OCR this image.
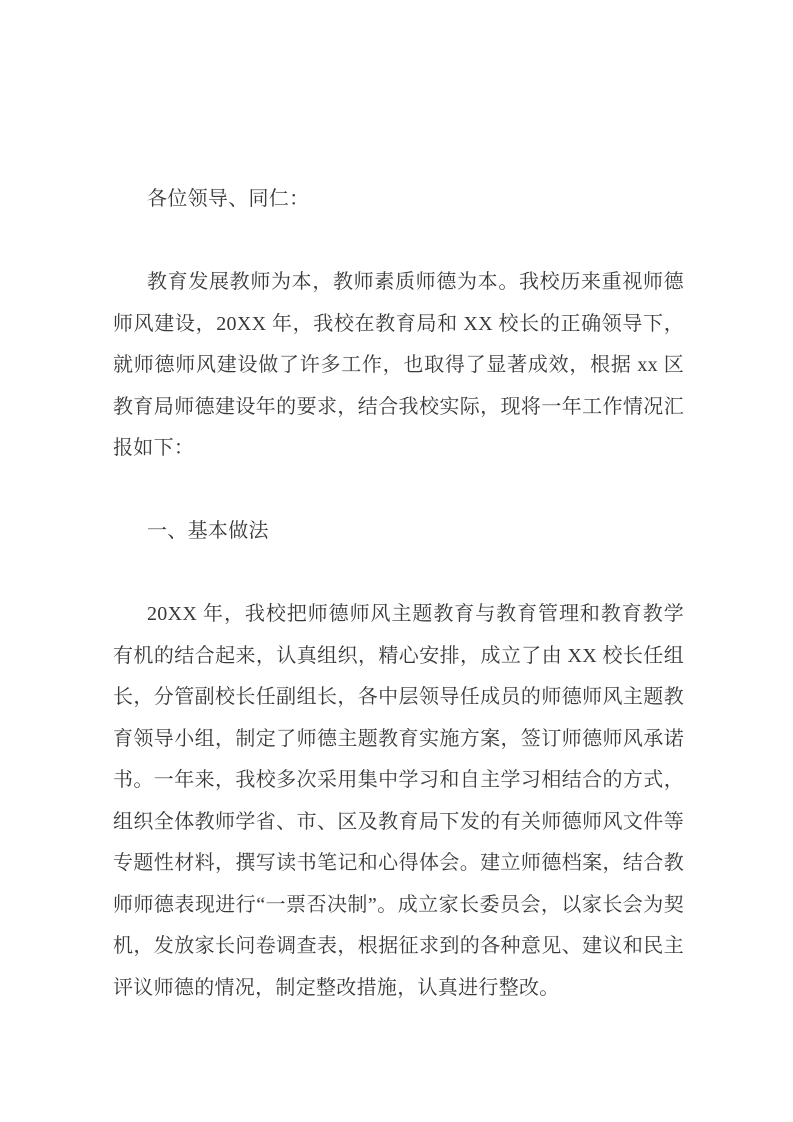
各位领导、同仁：

教育发展教师为本，教师素质师德为本。我校历来重视师德师风建设，20XX 年，我校在教育局和 XX 校长的正确领导下，就师德师风建设做了许多工作，也取得了显著成效，根据 xx 区教育局师德建设年的要求，结合我校实际，现将一年工作情况汇报如下：

一、基本做法

20XX 年，我校把师德师风主题教育与教育管理和教育教学有机的结合起来，认真组织，精心安排，成立了由 XX 校长任组长，分管副校长任副组长，各中层领导任成员的师德师风主题教育领导小组，制定了师德主题教育实施方案，签订师德师风承诺书。一年来，我校多次采用集中学习和自主学习相结合的方式，组织全体教师学省、市、区及教育局下发的有关师德师风文件等专题性材料，撰写读书笔记和心得体会。建立师德档案，结合教师师德表现进行“一票否决制”。成立家长委员会，以家长会为契机，发放家长问卷调查表，根据征求到的各种意见、建议和民主评议师德的情况，制定整改措施，认真进行整改。
